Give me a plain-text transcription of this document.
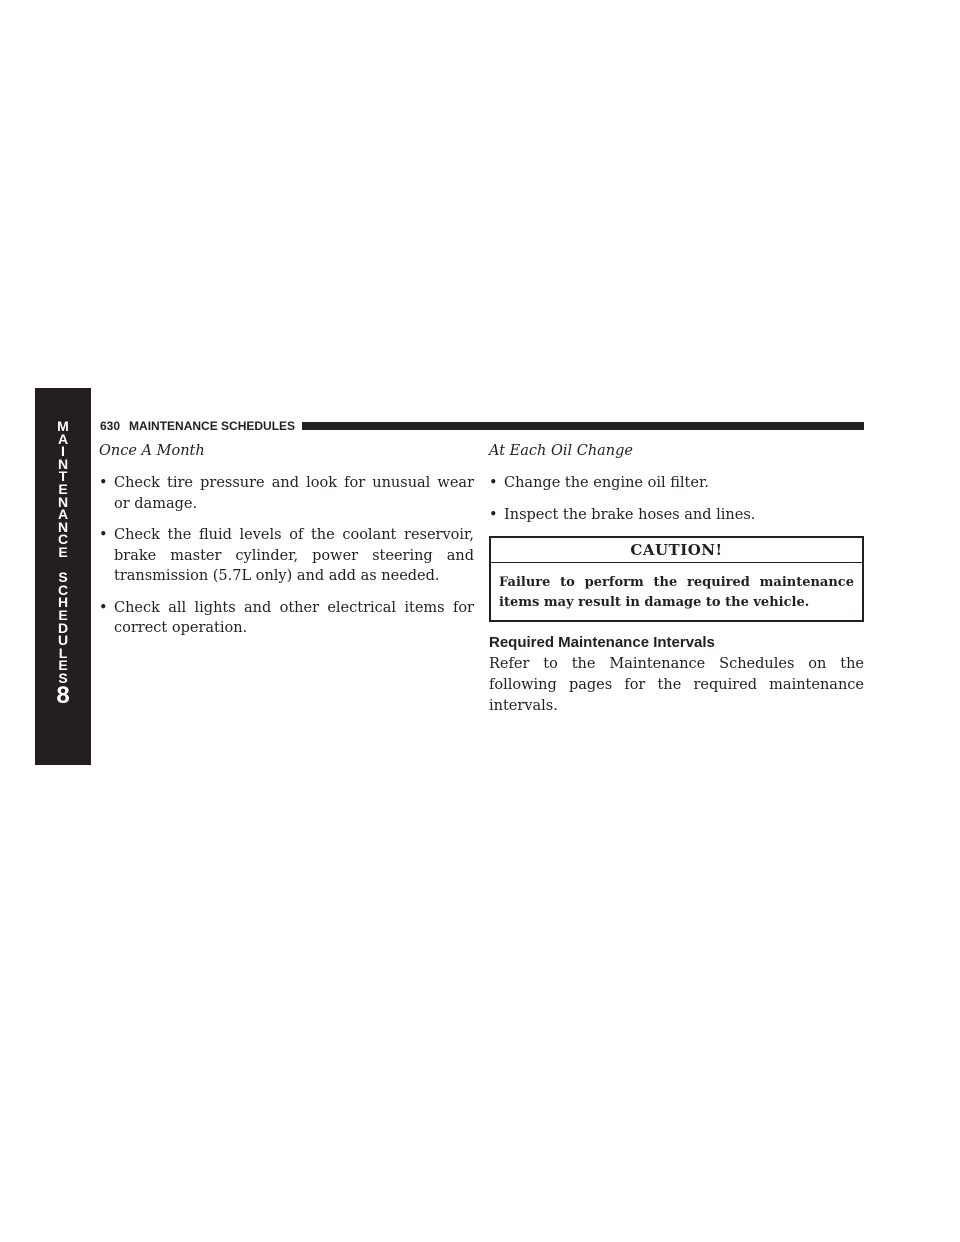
M
A
I
N
T
E
N
A
N
C
E
S
C
H
E
D
U
L
E
S
8
630 MAINTENANCE SCHEDULES
Once A Month
• Check tire pressure and look for unusual wear or damage.
• Check the fluid levels of the coolant reservoir, brake master cylinder, power steering and transmission (5.7L only) and add as needed.
• Check all lights and other electrical items for correct operation.
At Each Oil Change
• Change the engine oil filter.
• Inspect the brake hoses and lines.
CAUTION!
Failure to perform the required maintenance items may result in damage to the vehicle.
Required Maintenance Intervals

Refer to the Maintenance Schedules on the following pages for the required maintenance intervals.
